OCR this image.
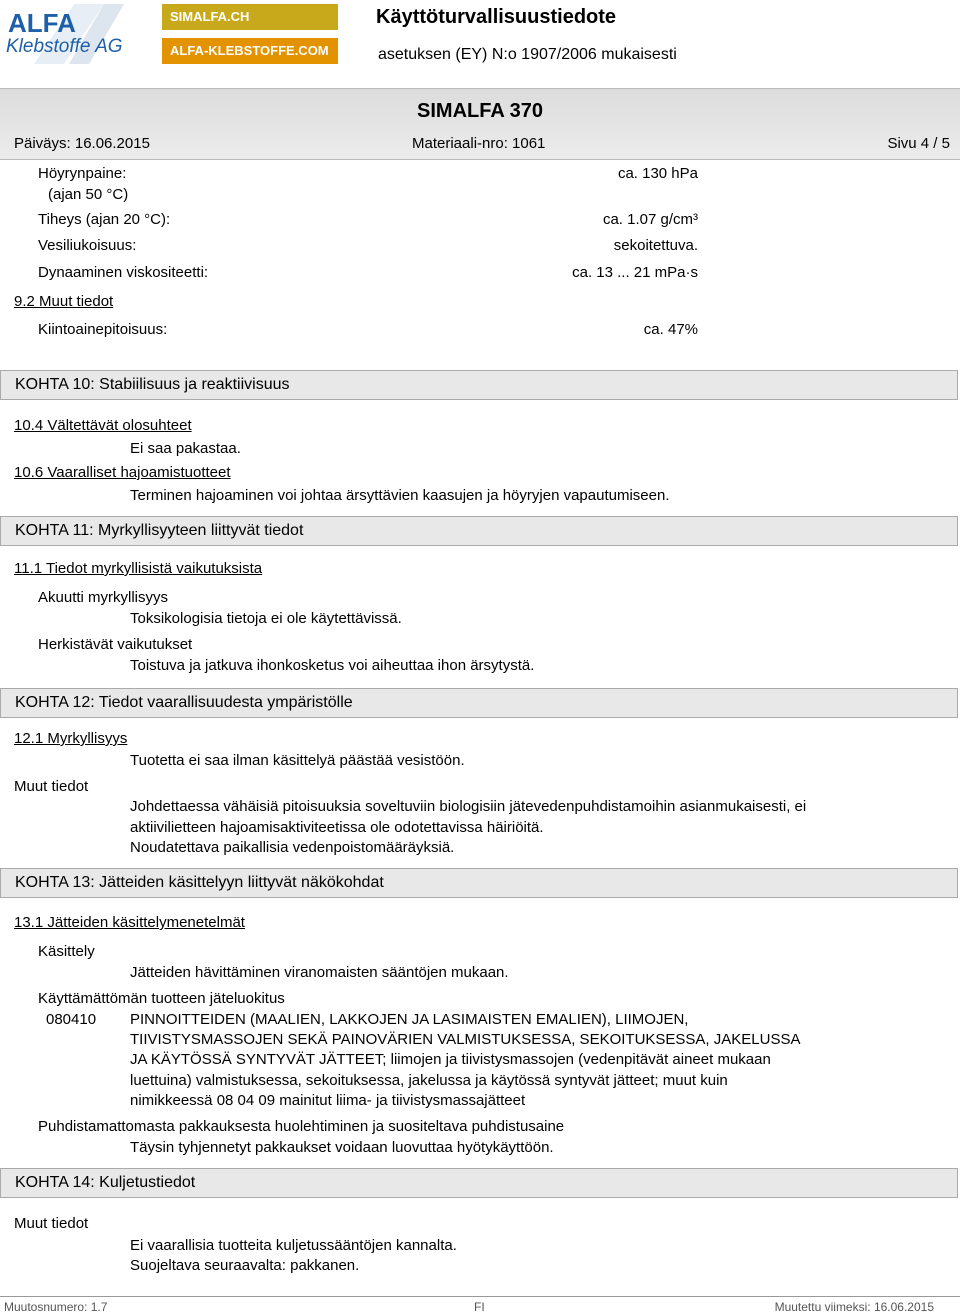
ALFA
Klebstoffe AG
SIMALFA.CH
ALFA-KLEBSTOFFE.COM
Käyttöturvallisuustiedote
asetuksen (EY) N:o 1907/2006 mukaisesti
SIMALFA 370
Päiväys: 16.06.2015	Materiaali-nro: 1061	Sivu 4 / 5
Höyrynpaine:
(ajan 50 °C)
ca. 130 hPa
Tiheys (ajan 20 °C):	ca. 1.07 g/cm³
Vesiliukoisuus:	sekoitettuva.
Dynaaminen viskositeetti:	ca. 13 ... 21 mPa·s
9.2 Muut tiedot
Kiintoainepitoisuus:	ca. 47%
KOHTA 10: Stabiilisuus ja reaktiivisuus
10.4 Vältettävät olosuhteet
Ei saa pakastaa.
10.6 Vaaralliset hajoamistuotteet
Terminen hajoaminen voi johtaa ärsyttävien kaasujen ja höyryjen vapautumiseen.
KOHTA 11: Myrkyllisyyteen liittyvät tiedot
11.1 Tiedot myrkyllisistä vaikutuksista
Akuutti myrkyllisyys
Toksikologisia tietoja ei ole käytettävissä.
Herkistävät vaikutukset
Toistuva ja jatkuva ihonkosketus voi aiheuttaa ihon ärsytystä.
KOHTA 12: Tiedot vaarallisuudesta ympäristölle
12.1 Myrkyllisyys
Tuotetta ei saa ilman käsittelyä päästää vesistöön.
Muut tiedot
Johdettaessa vähäisiä pitoisuuksia soveltuviin biologisiin jätevedenpuhdistamoihin asianmukaisesti, ei
aktiivilietteen hajoamisaktiviteetissa ole odotettavissa häiriöitä.
Noudatettava paikallisia vedenpoistomääräyksiä.
KOHTA 13: Jätteiden käsittelyyn liittyvät näkökohdat
13.1 Jätteiden käsittelymenetelmät
Käsittely
Jätteiden hävittäminen viranomaisten sääntöjen mukaan.
Käyttämättömän tuotteen jäteluokitus
080410 PINNOITTEIDEN (MAALIEN, LAKKOJEN JA LASIMAISTEN EMALIEN), LIIMOJEN,
TIIVISTYSMASSOJEN SEKÄ PAINOVÄRIEN VALMISTUKSESSA, SEKOITUKSESSA, JAKELUSSA
JA KÄYTÖSSÄ SYNTYVÄT JÄTTEET; liimojen ja tiivistysmassojen (vedenpitävät aineet mukaan
luettuina) valmistuksessa, sekoituksessa, jakelussa ja käytössä syntyvät jätteet; muut kuin
nimikkeessä 08 04 09 mainitut liima- ja tiivistysmassajätteet
Puhdistamattomasta pakkauksesta huolehtiminen ja suositeltava puhdistusaine
Täysin tyhjennetyt pakkaukset voidaan luovuttaa hyötykäyttöön.
KOHTA 14: Kuljetustiedot
Muut tiedot
Ei vaarallisia tuotteita kuljetussääntöjen kannalta.
Suojeltava seuraavalta: pakkanen.
Muutosnumero: 1.7	FI	Muutettu viimeksi: 16.06.2015
